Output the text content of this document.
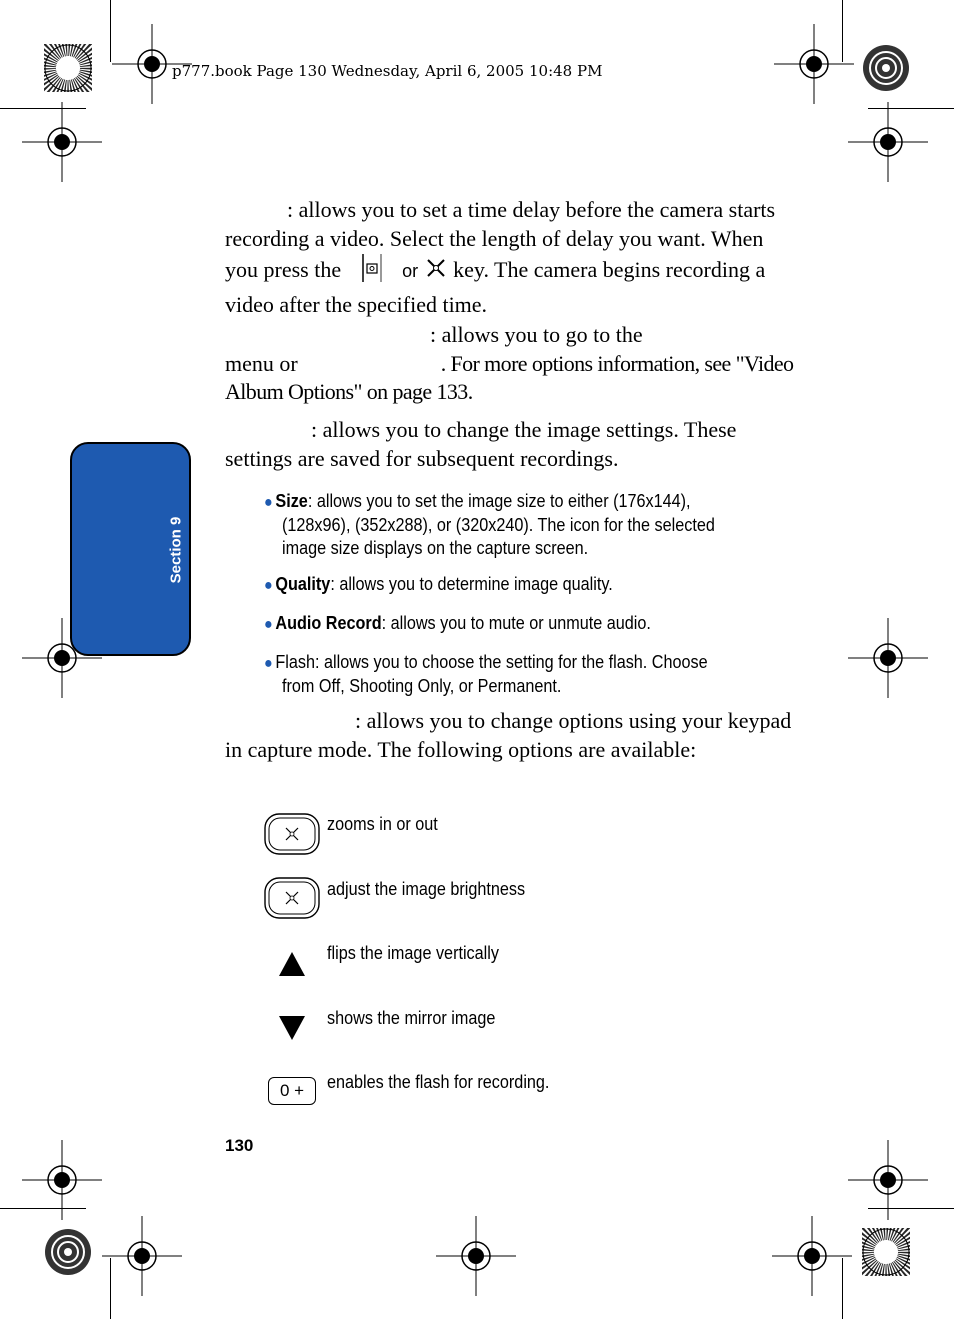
p777.book Page 130 Wednesday, April 6, 2005 10:48 PM
Section 9

: allows you to set a time delay before the camera starts recording a video. Select the length of delay you want. When you press the	or key. The camera begins recording a video after the specified time.

: allows you to go to the
menu or	. For more options information, see "Video Album Options" on page 133.

: allows you to change the image settings. These settings are saved for subsequent recordings.

● Size: allows you to set the image size to either (176x144),
(128x96), (352x288), or (320x240). The icon for the selected
image size displays on the capture screen.
● Quality: allows you to determine image quality.
● Audio Record: allows you to mute or unmute audio.
● Flash: allows you to choose the setting for the flash. Choose
from Off, Shooting Only, or Permanent.

: allows you to change options using your keypad in capture mode. The following options are available:

zooms in or out
adjust the image brightness
flips the image vertically
shows the mirror image
0 +	enables the flash for recording.
130
